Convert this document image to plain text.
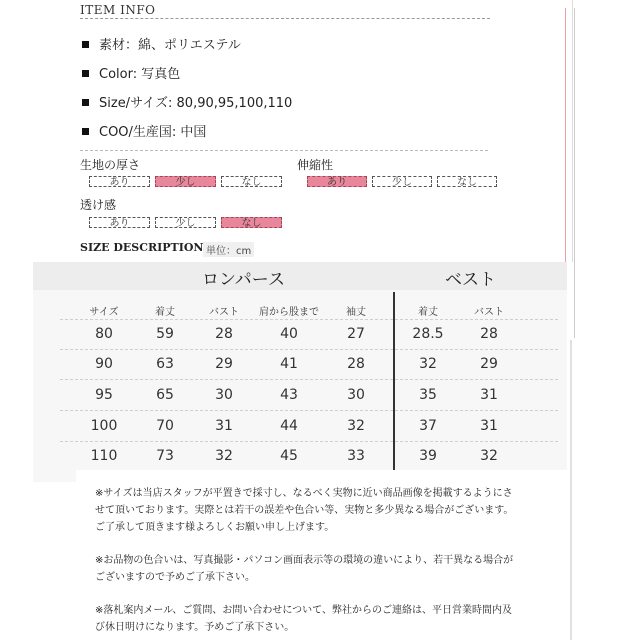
ITEM INFO
素材：綿、ポリエステル
Color: 写真色
Size/サイズ: 80,90,95,100,110
COO/生産国: 中国
生地の厚さ
あり	少し	なし
伸縮性
あり	少し	なし
透け感
あり	少し	なし
SIZE DESCRIPTION 単位：cm
ロンパース	ベスト
サイズ	着丈	バスト	肩から股まで	袖丈	着丈	バスト
80	59	28	40	27	28.5	28
90	63	29	41	28	32	29
95	65	30	43	30	35	31
100	70	31	44	32	37	31
110	73	32	45	33	39	32
※サイズは当店スタッフが平置きで採寸し、なるべく実物に近い商品画像を掲載するようにさせて頂いております。実際とは若干の誤差や色合い等、実物と多少異なる場合がございます。ご了承して頂きます様よろしくお願い申し上げます。
※お品物の色合いは、写真撮影・パソコン画面表示等の環境の違いにより、若干異なる場合がございますので予めご了承下さい。
※落札案内メール、ご質問、お問い合わせについて、弊社からのご連絡は、平日営業時間内及び休日明けになります。予めご了承下さい。
